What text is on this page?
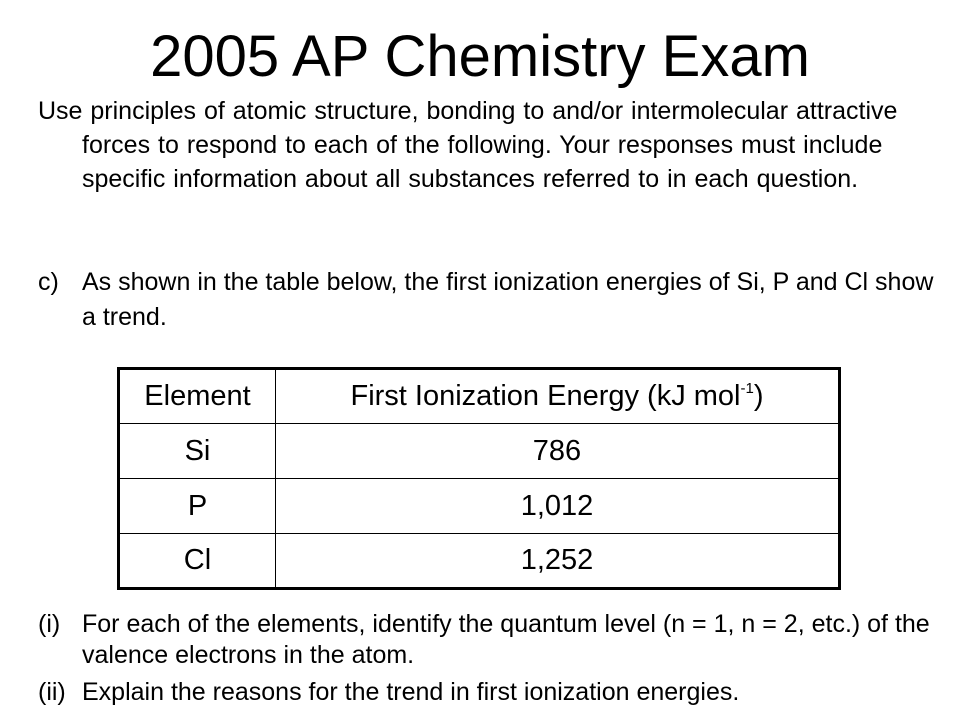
2005 AP Chemistry Exam

Use principles of atomic structure, bonding to and/or intermolecular attractive forces to respond to each of the following. Your responses must include specific information about all substances referred to in each question.

c) As shown in the table below, the first ionization energies of Si, P and Cl show a trend.
Element	First Ionization Energy (kJ mol$^{-1}$)
Si	786
P	1,012
Cl	1,252
(i) For each of the elements, identify the quantum level (n = 1, n = 2, etc.) of the valence electrons in the atom.
(ii) Explain the reasons for the trend in first ionization energies.
